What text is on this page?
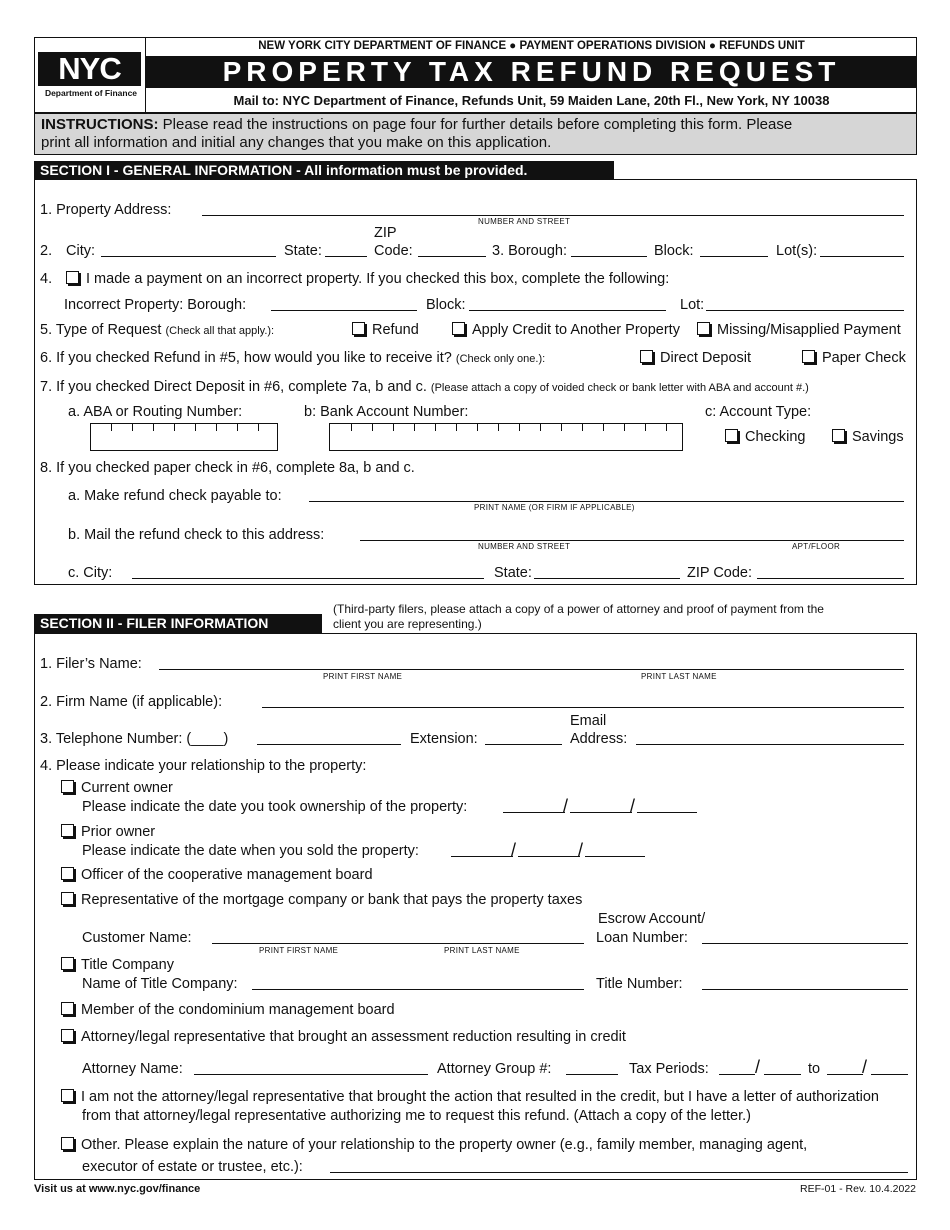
NYC
Department of Finance
NEW YORK CITY DEPARTMENT OF FINANCE ● PAYMENT OPERATIONS DIVISION ● REFUNDS UNIT
PROPERTY TAX REFUND REQUEST
Mail to: NYC Department of Finance, Refunds Unit, 59 Maiden Lane, 20th Fl., New York, NY 10038
INSTRUCTIONS: Please read the instructions on page four for further details before completing this form. Please
print all information and initial any changes that you make on this application.
SECTION I - GENERAL INFORMATION - All information must be provided.
1. Property Address:
NUMBER AND STREET
2. City:	State:
ZIP
Code:	3. Borough:	Block:	Lot(s):
4.	I made a payment on an incorrect property. If you checked this box, complete the following:
Incorrect Property: Borough:	Block:	Lot:
5. Type of Request (Check all that apply.):	Refund	Apply Credit to Another Property	Missing/Misapplied Payment
6. If you checked Refund in #5, how would you like to receive it? (Check only one.):	Direct Deposit	Paper Check
7. If you checked Direct Deposit in #6, complete 7a, b and c. (Please attach a copy of voided check or bank letter with ABA and account #.)
a. ABA or Routing Number:	b: Bank Account Number:	c: Account Type:
Checking	Savings
8. If you checked paper check in #6, complete 8a, b and c.
a. Make refund check payable to:
PRINT NAME (OR FIRM IF APPLICABLE)
b. Mail the refund check to this address:
NUMBER AND STREET	APT/FLOOR
c. City:	State:	ZIP Code:
SECTION II - FILER INFORMATION
(Third-party filers, please attach a copy of a power of attorney and proof of payment from the
client you are representing.)
1. Filer’s Name:
PRINT FIRST NAME	PRINT LAST NAME
2. Firm Name (if applicable):
3. Telephone Number: (____)	Extension:
Email
Address:
4. Please indicate your relationship to the property:
Current owner
Please indicate the date you took ownership of the property:	/	/
Prior owner
Please indicate the date when you sold the property:	/	/
Officer of the cooperative management board
Representative of the mortgage company or bank that pays the property taxes
Customer Name:
PRINT FIRST NAME	PRINT LAST NAME
Escrow Account/
Loan Number:
Title Company
Name of Title Company:	Title Number:
Member of the condominium management board
Attorney/legal representative that brought an assessment reduction resulting in credit
Attorney Name:	Attorney Group #:	Tax Periods:	/	to /
I am not the attorney/legal representative that brought the action that resulted in the credit, but I have a letter of authorization
from that attorney/legal representative authorizing me to request this refund. (Attach a copy of the letter.)
Other. Please explain the nature of your relationship to the property owner (e.g., family member, managing agent,
executor of estate or trustee, etc.):
Visit us at www.nyc.gov/finance	REF-01 - Rev. 10.4.2022
